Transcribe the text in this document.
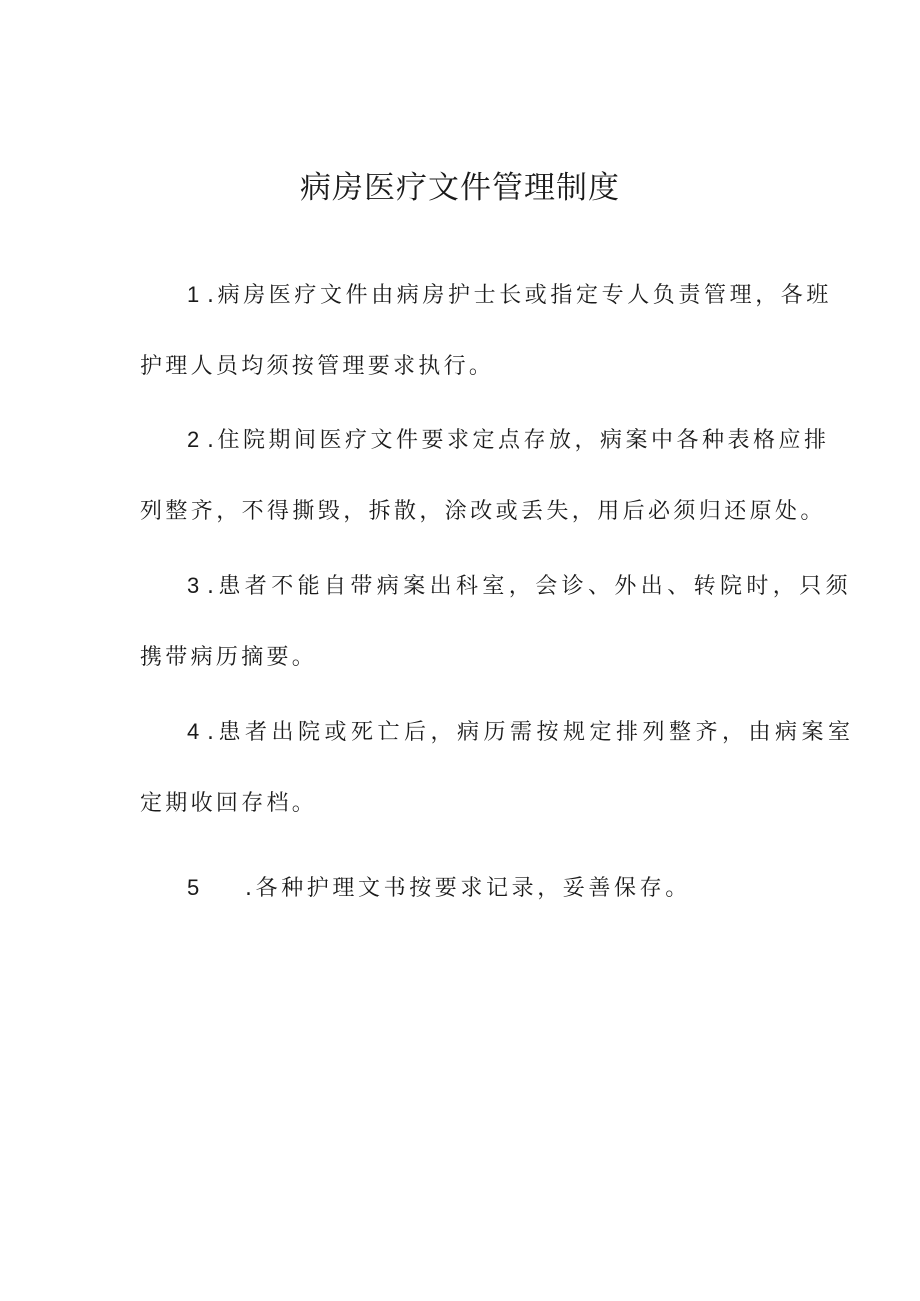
病房医疗文件管理制度

1 .病房医疗文件由病房护士长或指定专人负责管理，各班

护理人员均须按管理要求执行。

2 .住院期间医疗文件要求定点存放，病案中各种表格应排

列整齐，不得撕毁，拆散，涂改或丢失，用后必须归还原处。

3 .患者不能自带病案出科室，会诊、外出、转院时，只须

携带病历摘要。

4 .患者出院或死亡后，病历需按规定排列整齐，由病案室

定期收回存档。

5 .各种护理文书按要求记录，妥善保存。
